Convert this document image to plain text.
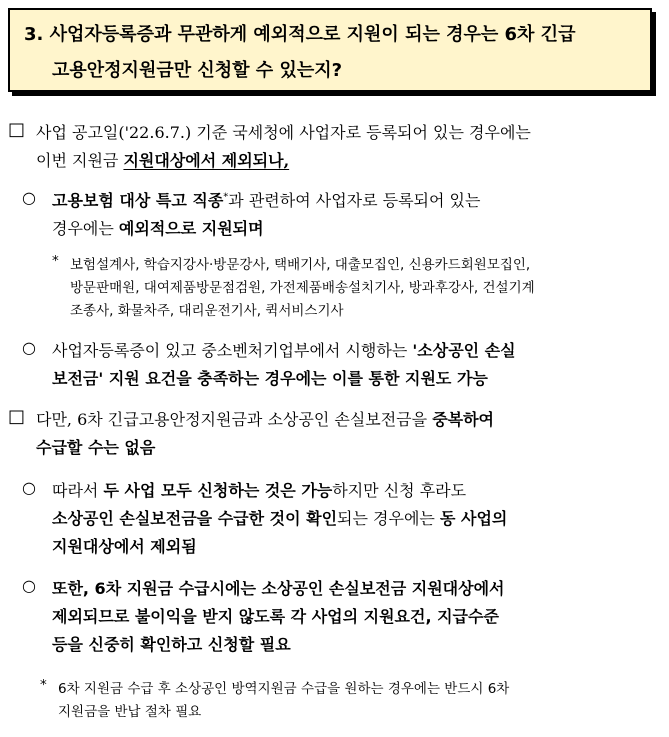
3. 사업자등록증과 무관하게 예외적으로 지원이 되는 경우는 6차 긴급
고용안정지원금만 신청할 수 있는지?
□ 사업 공고일('22.6.7.) 기준 국세청에 사업자로 등록되어 있는 경우에는
이번 지원금 지원대상에서 제외되나,
○ 고용보험 대상 특고 직종*과 관련하여 사업자로 등록되어 있는
경우에는 예외적으로 지원되며
* 보험설계사, 학습지강사·방문강사, 택배기사, 대출모집인, 신용카드회원모집인,
방문판매원, 대여제품방문점검원, 가전제품배송설치기사, 방과후강사, 건설기계
조종사, 화물차주, 대리운전기사, 퀵서비스기사
○ 사업자등록증이 있고 중소벤처기업부에서 시행하는 '소상공인 손실
보전금' 지원 요건을 충족하는 경우에는 이를 통한 지원도 가능
□ 다만, 6차 긴급고용안정지원금과 소상공인 손실보전금을 중복하여
수급할 수는 없음
○ 따라서 두 사업 모두 신청하는 것은 가능하지만 신청 후라도
소상공인 손실보전금을 수급한 것이 확인되는 경우에는 동 사업의
지원대상에서 제외됨
○ 또한, 6차 지원금 수급시에는 소상공인 손실보전금 지원대상에서
제외되므로 불이익을 받지 않도록 각 사업의 지원요건, 지급수준
등을 신중히 확인하고 신청할 필요
* 6차 지원금 수급 후 소상공인 방역지원금 수급을 원하는 경우에는 반드시 6차
지원금을 반납 절차 필요
